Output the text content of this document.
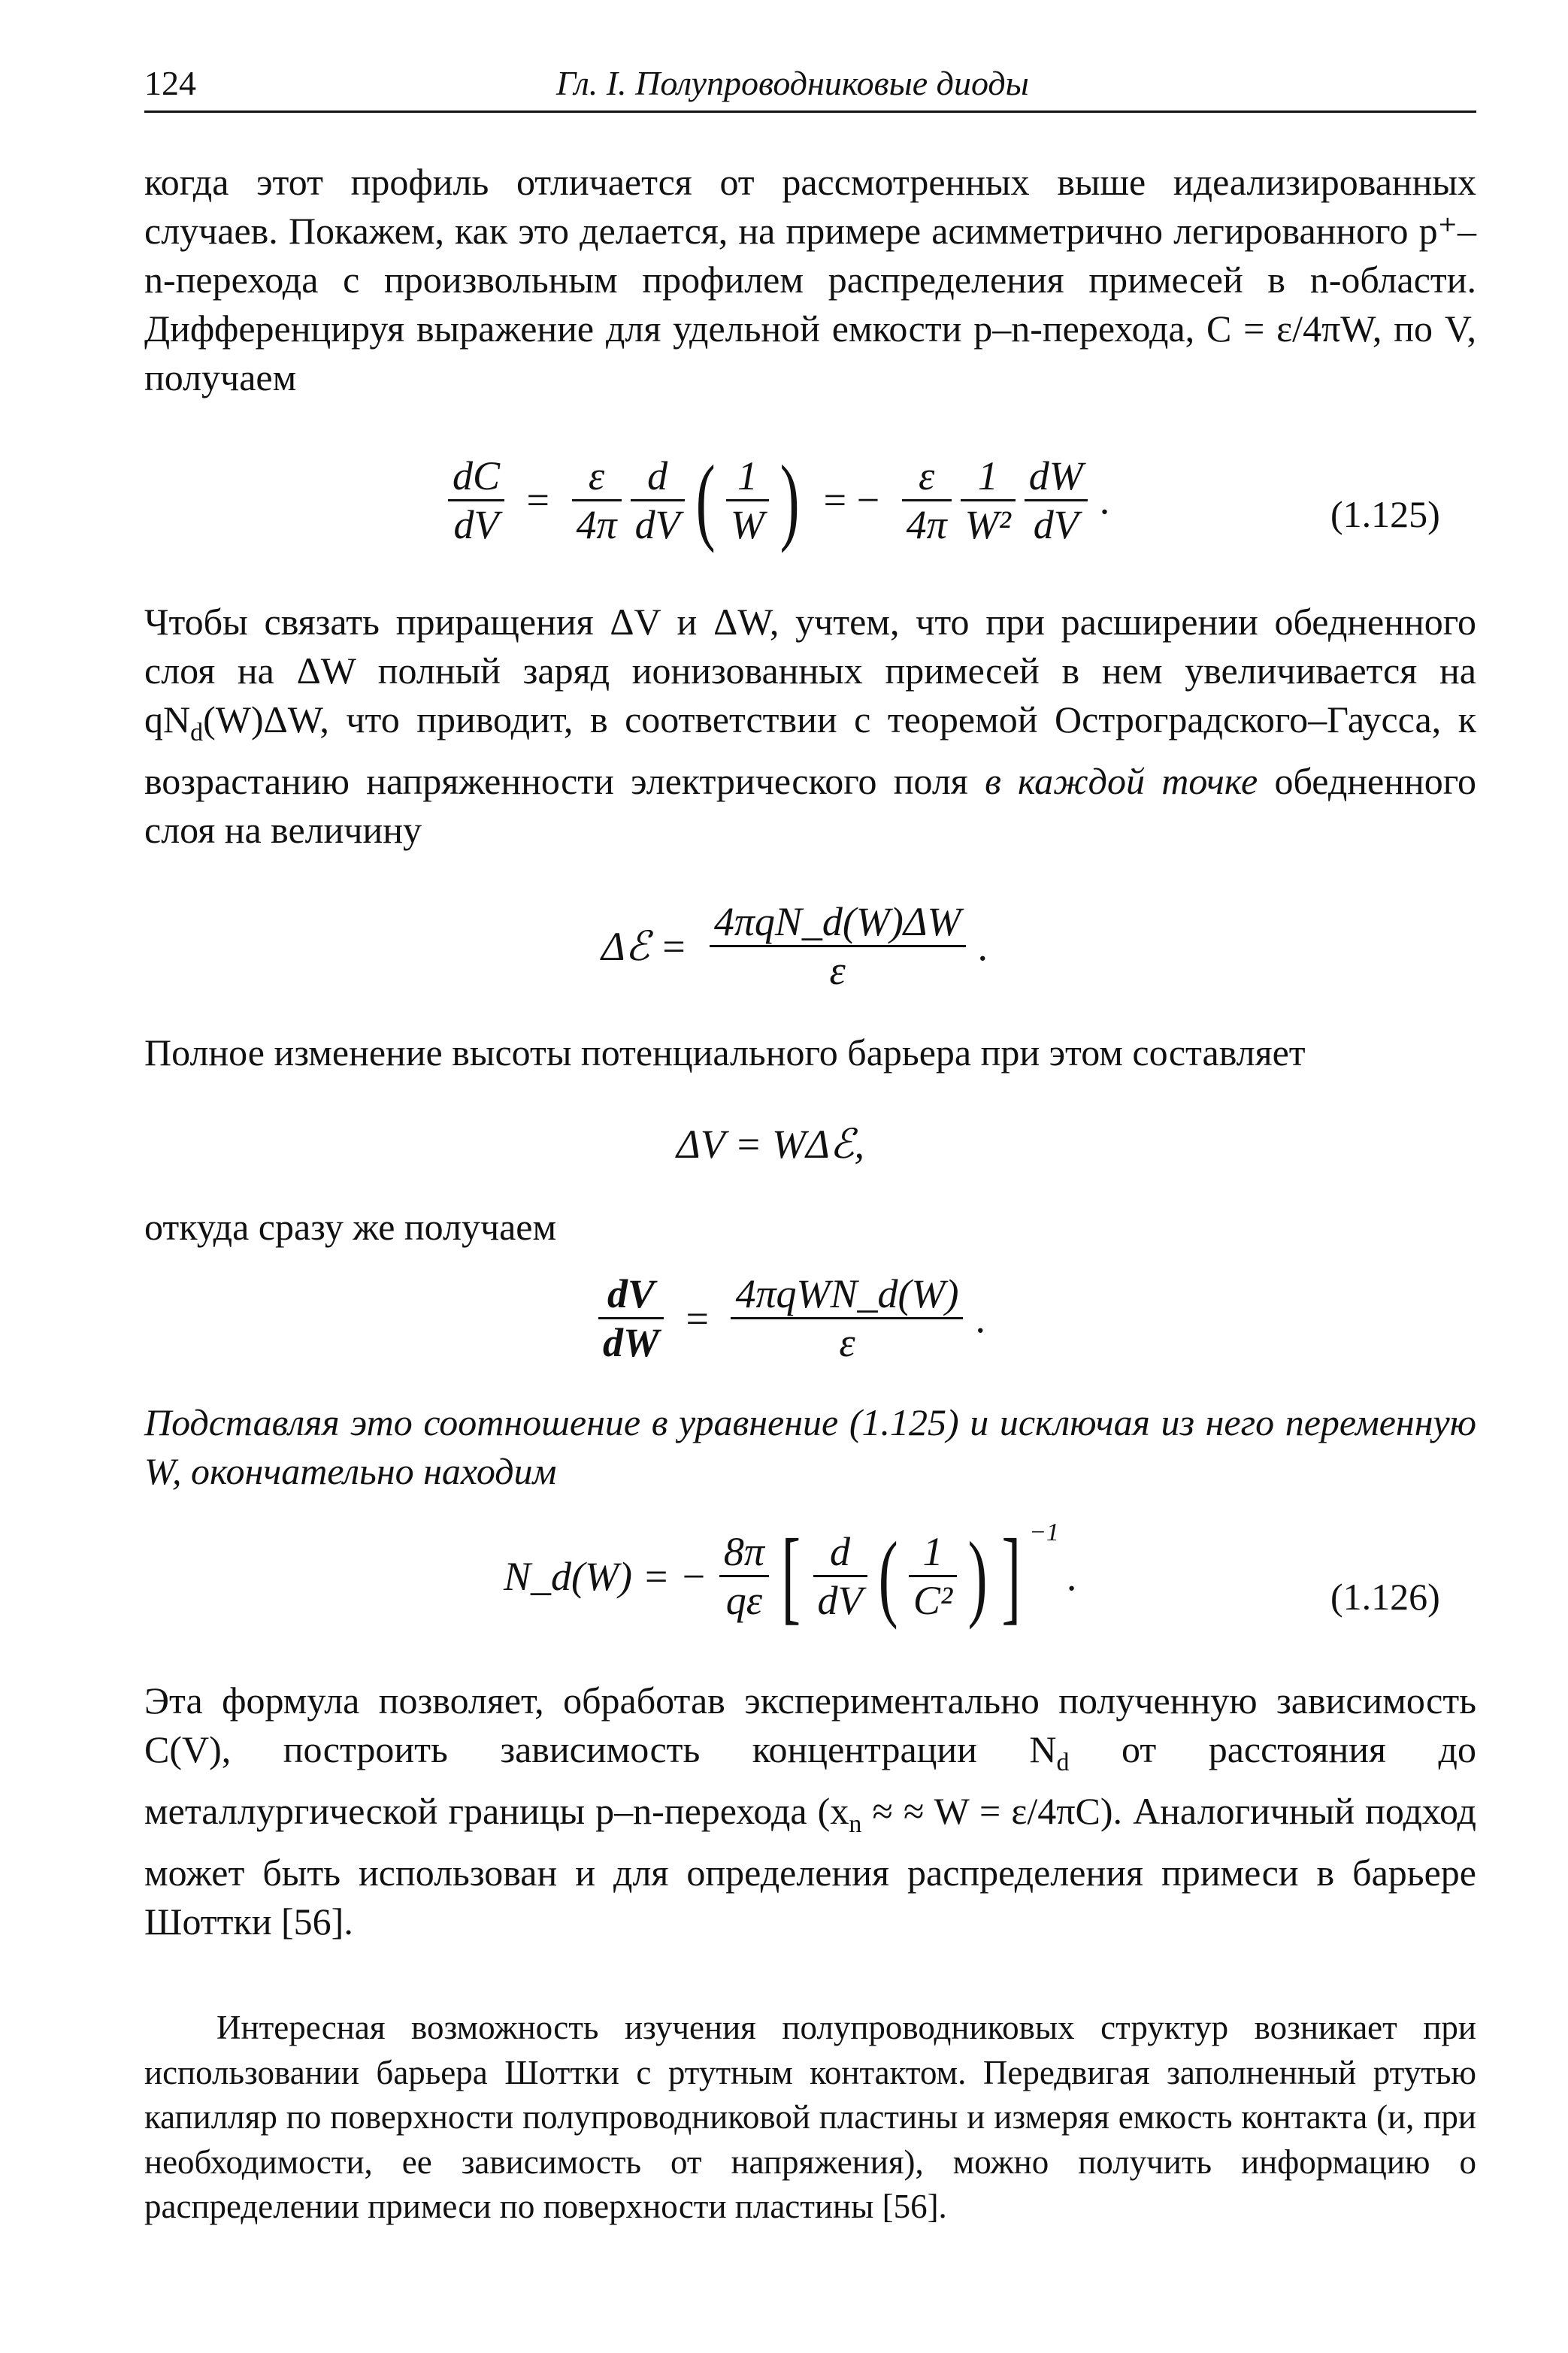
124	Гл. I. Полупроводниковые диоды

когда этот профиль отличается от рассмотренных выше идеализированных случаев. Покажем, как это делается, на примере асимметрично легированного p⁺–n-перехода с произвольным профилем распределения примесей в n-области. Дифференцируя выражение для удельной емкости p–n-перехода, C = ε/4πW, по V, получаем

$\frac{dC}{dV} = \frac{\varepsilon}{4\pi} \frac{d}{dV}$ ( $\frac{1}{W}$ ) = − $\frac{\varepsilon}{4\pi} \frac{1}{\text{W²}} \frac{dW}{dV}$ .	(1.125)

Чтобы связать приращения ΔV и ΔW, учтем, что при расширении обедненного слоя на ΔW полный заряд ионизованных примесей в нем увеличивается на $qN_d(W)\Delta W$, что приводит, в соответствии с теоремой Остроградского–Гаусса, к возрастанию напряженности электрического поля в каждой точке обедненного слоя на величину

Δℰ = $\frac{\text{4πqN\_d(W)ΔW}}{\varepsilon}$ .

Полное изменение высоты потенциального барьера при этом составляет

ΔV = WΔℰ,

откуда сразу же получаем

$\frac{dV}{dW} = \frac{\text{4πqWN\_d(W)}}{\varepsilon}$ .

Подставляя это соотношение в уравнение (1.125) и исключая из него переменную W, окончательно находим

N_d(W) = − $\frac{8\pi}{q\varepsilon}$ [ $\frac{d}{dV}$ ( $\frac{1}{\text{C²}}$ ) ] $^{-1}$.	(1.126)

Эта формула позволяет, обработав экспериментально полученную зависимость C(V), построить зависимость концентрации $N_d$ от расстояния до металлургической границы p–n-перехода ($x_n$ ≈ ≈ W = ε/4πC). Аналогичный подход может быть использован и для определения распределения примеси в барьере Шоттки [56].

Интересная возможность изучения полупроводниковых структур возникает при использовании барьера Шоттки с ртутным контактом. Передвигая заполненный ртутью капилляр по поверхности полупроводниковой пластины и измеряя емкость контакта (и, при необходимости, ее зависимость от напряжения), можно получить информацию о распределении примеси по поверхности пластины [56].
